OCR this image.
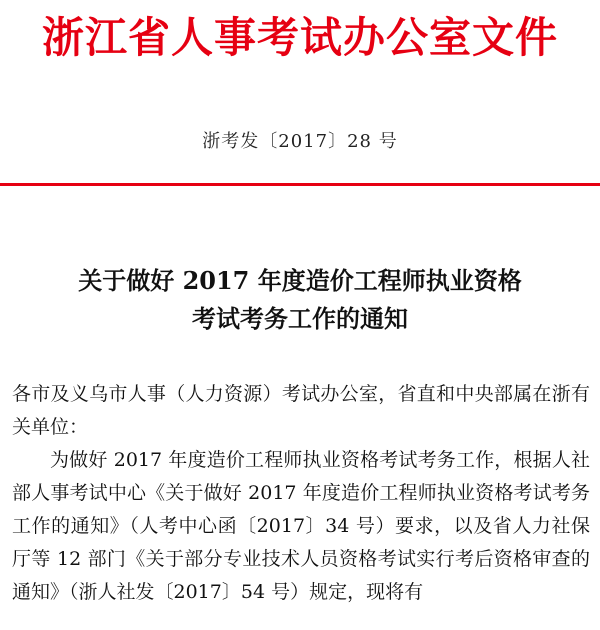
浙江省人事考试办公室文件
浙考发〔2017〕28 号
关于做好 2017 年度造价工程师执业资格
考试考务工作的通知

各市及义乌市人事（人力资源）考试办公室，省直和中央部属在浙有关单位：

为做好 2017 年度造价工程师执业资格考试考务工作，根据人社部人事考试中心《关于做好 2017 年度造价工程师执业资格考试考务工作的通知》（人考中心函〔2017〕34 号）要求，以及省人力社保厅等 12 部门《关于部分专业技术人员资格考试实行考后资格审查的通知》（浙人社发〔2017〕54 号）规定，现将有
